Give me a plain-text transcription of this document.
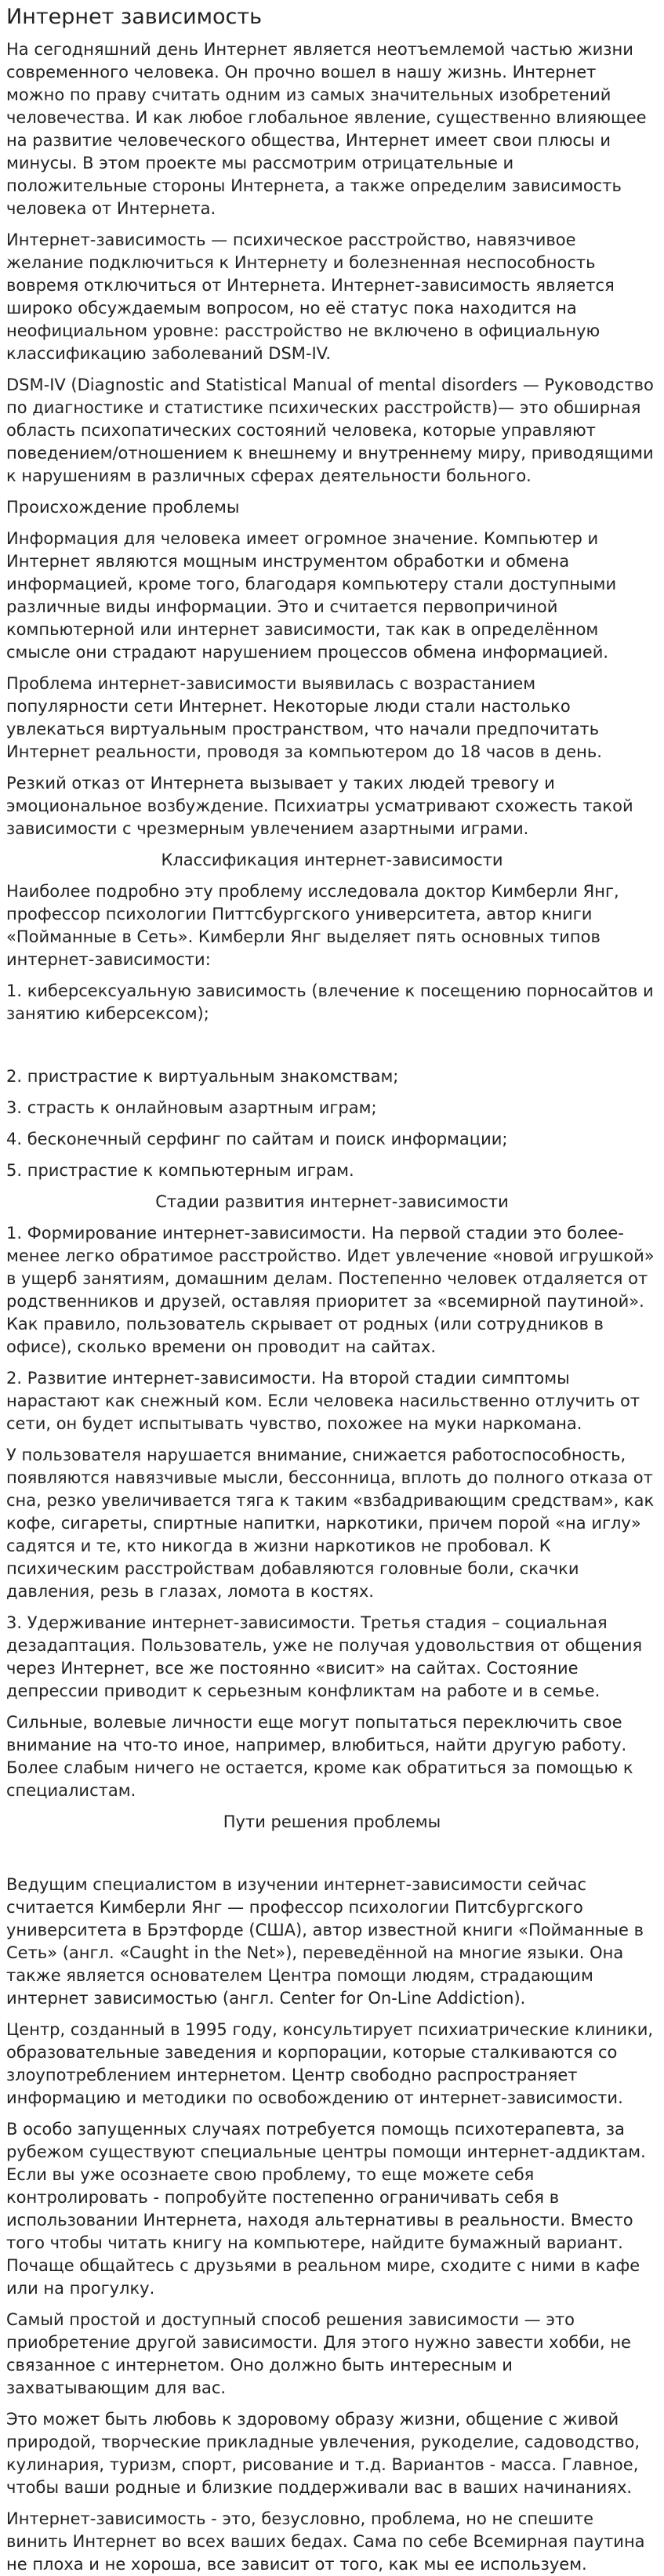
Интернет зависимость

На сегодняшний день Интернет является неотъемлемой частью жизни современного человека. Он прочно вошел в нашу жизнь. Интернет можно по праву считать одним из самых значительных изобретений человечества. И как любое глобальное явление, существенно влияющее на развитие человеческого общества, Интернет имеет свои плюсы и минусы. В этом проекте мы рассмотрим отрицательные и положительные стороны Интернета, а также определим зависимость человека от Интернета.

Интернет-зависимость — психическое расстройство, навязчивое желание подключиться к Интернету и болезненная неспособность вовремя отключиться от Интернета. Интернет-зависимость является широко обсуждаемым вопросом, но её статус пока находится на неофициальном уровне: расстройство не включено в официальную классификацию заболеваний DSM-IV.

DSM-IV (Diagnostic and Statistical Manual of mental disorders — Руководство по диагностике и статистике психических расстройств)— это обширная область психопатических состояний человека, которые управляют поведением/отношением к внешнему и внутреннему миру, приводящими к нарушениям в различных сферах деятельности больного.

Происхождение проблемы

Информация для человека имеет огромное значение. Компьютер и Интернет являются мощным инструментом обработки и обмена информацией, кроме того, благодаря компьютеру стали доступными различные виды информации. Это и считается первопричиной компьютерной или интернет зависимости, так как в определённом смысле они страдают нарушением процессов обмена информацией.

Проблема интернет-зависимости выявилась с возрастанием популярности сети Интернет. Некоторые люди стали настолько увлекаться виртуальным пространством, что начали предпочитать Интернет реальности, проводя за компьютером до 18 часов в день.

Резкий отказ от Интернета вызывает у таких людей тревогу и эмоциональное возбуждение. Психиатры усматривают схожесть такой зависимости с чрезмерным увлечением азартными играми.

Классификация интернет-зависимости

Наиболее подробно эту проблему исследовала доктор Кимберли Янг, профессор психологии Питтсбургского университета, автор книги «Пойманные в Сеть». Кимберли Янг выделяет пять основных типов интернет-зависимости:

1. киберсексуальную зависимость (влечение к посещению порносайтов и занятию киберсексом);

2. пристрастие к виртуальным знакомствам;

3. страсть к онлайновым азартным играм;

4. бесконечный серфинг по сайтам и поиск информации;

5. пристрастие к компьютерным играм.

Стадии развития интернет-зависимости

1. Формирование интернет-зависимости. На первой стадии это более-менее легко обратимое расстройство. Идет увлечение «новой игрушкой» в ущерб занятиям, домашним делам. Постепенно человек отдаляется от родственников и друзей, оставляя приоритет за «всемирной паутиной». Как правило, пользователь скрывает от родных (или сотрудников в офисе), сколько времени он проводит на сайтах.

2. Развитие интернет-зависимости. На второй стадии симптомы нарастают как снежный ком. Если человека насильственно отлучить от сети, он будет испытывать чувство, похожее на муки наркомана.

У пользователя нарушается внимание, снижается работоспособность, появляются навязчивые мысли, бессонница, вплоть до полного отказа от сна, резко увеличивается тяга к таким «взбадривающим средствам», как кофе, сигареты, спиртные напитки, наркотики, причем порой «на иглу» садятся и те, кто никогда в жизни наркотиков не пробовал. К психическим расстройствам добавляются головные боли, скачки давления, резь в глазах, ломота в костях.

3. Удерживание интернет-зависимости. Третья стадия – социальная дезадаптация. Пользователь, уже не получая удовольствия от общения через Интернет, все же постоянно «висит» на сайтах. Состояние депрессии приводит к серьезным конфликтам на работе и в семье.

Сильные, волевые личности еще могут попытаться переключить свое внимание на что-то иное, например, влюбиться, найти другую работу. Более слабым ничего не остается, кроме как обратиться за помощью к специалистам.

Пути решения проблемы

Ведущим специалистом в изучении интернет-зависимости сейчас считается Кимберли Янг — профессор психологии Питсбургского университета в Брэтфорде (США), автор известной книги «Пойманные в Сеть» (англ. «Caught in the Net»), переведённой на многие языки. Она также является основателем Центра помощи людям, страдающим интернет зависимостью (англ. Center for On-Line Addiction).

Центр, созданный в 1995 году, консультирует психиатрические клиники, образовательные заведения и корпорации, которые сталкиваются со злоупотреблением интернетом. Центр свободно распространяет информацию и методики по освобождению от интернет-зависимости.

В особо запущенных случаях потребуется помощь психотерапевта, за рубежом существуют специальные центры помощи интернет-аддиктам. Если вы уже осознаете свою проблему, то еще можете себя контролировать - попробуйте постепенно ограничивать себя в использовании Интернета, находя альтернативы в реальности. Вместо того чтобы читать книгу на компьютере, найдите бумажный вариант. Почаще общайтесь с друзьями в реальном мире, сходите с ними в кафе или на прогулку.

Самый простой и доступный способ решения зависимости — это приобретение другой зависимости. Для этого нужно завести хобби, не связанное с интернетом. Оно должно быть интересным и захватывающим для вас.

Это может быть любовь к здоровому образу жизни, общение с живой природой, творческие прикладные увлечения, рукоделие, садоводство, кулинария, туризм, спорт, рисование и т.д. Вариантов - масса. Главное, чтобы ваши родные и близкие поддерживали вас в ваших начинаниях.

Интернет-зависимость - это, безусловно, проблема, но не спешите винить Интернет во всех ваших бедах. Сама по себе Всемирная паутина не плоха и не хороша, все зависит от того, как мы ее используем.
